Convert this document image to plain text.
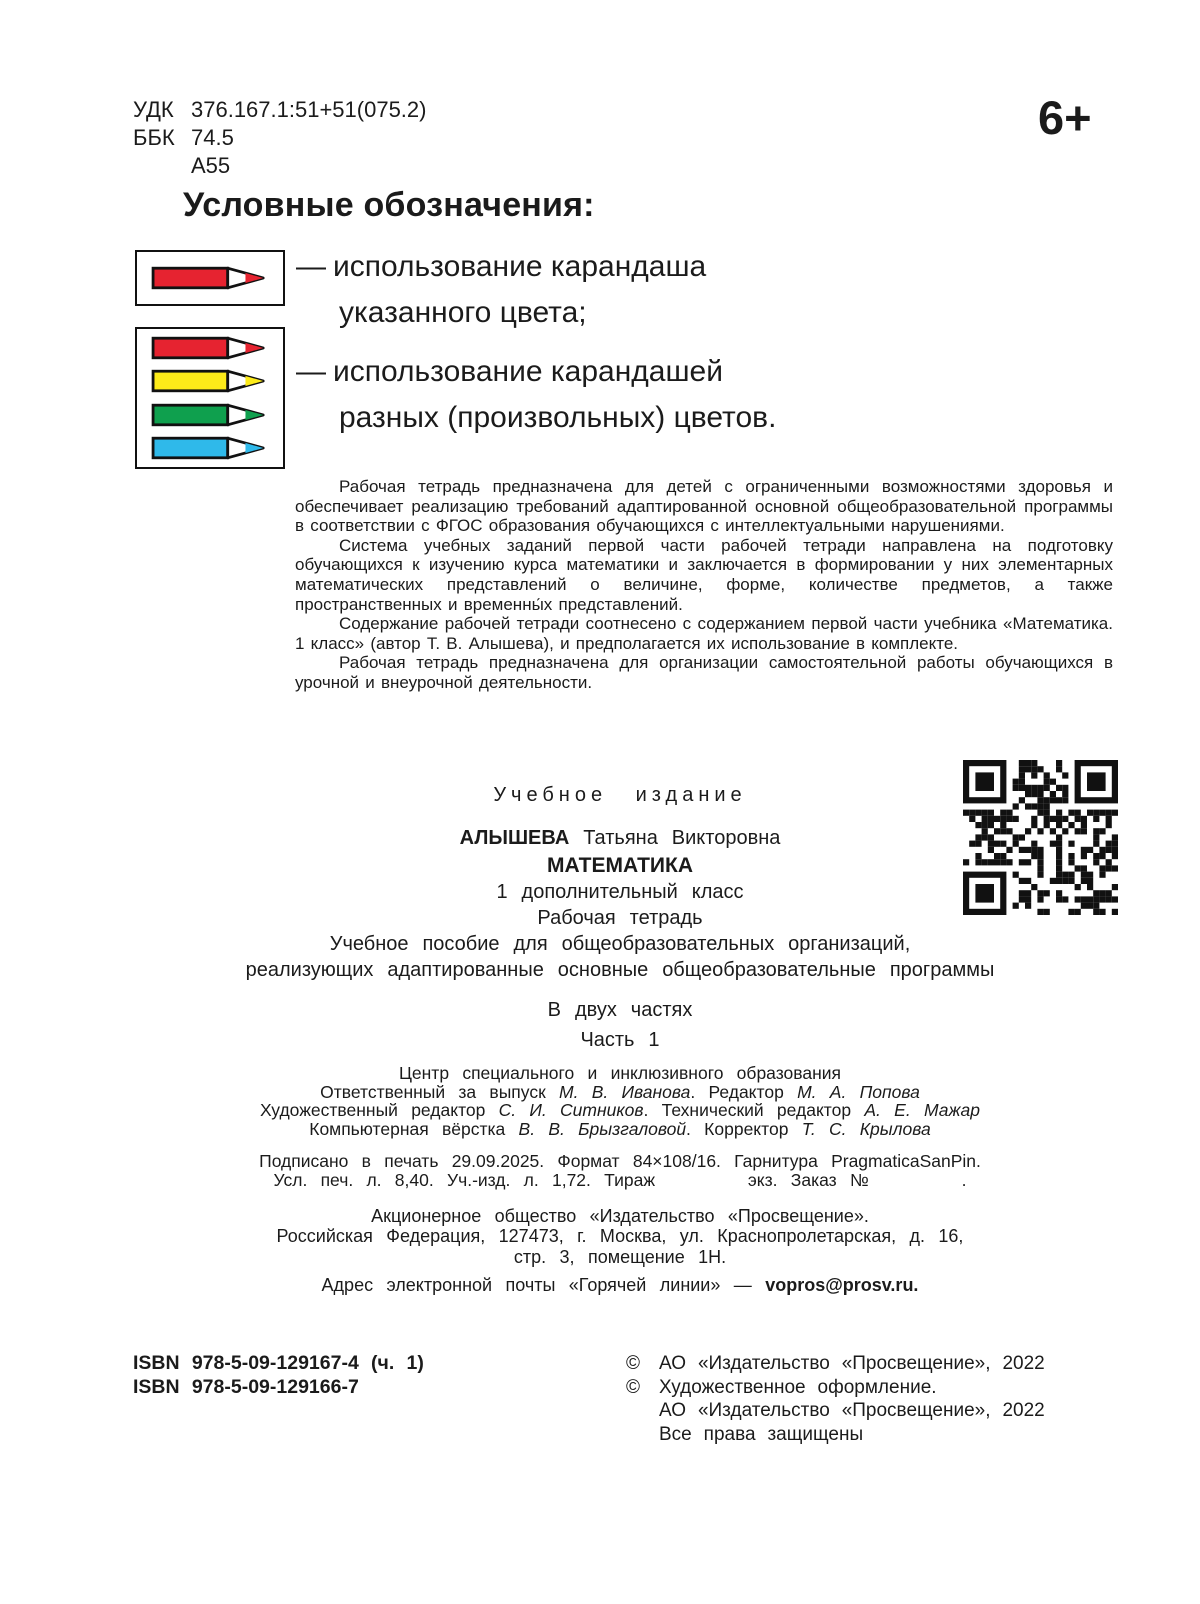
УДК 376.167.1:51+51(075.2)
ББК 74.5
А55
6+
Условные обозначения:
— использование карандаша
указанного цвета;
— использование карандашей
разных (произвольных) цветов.

Рабочая тетрадь предназначена для детей с ограниченными возможностями здоровья и обеспечивает реализацию требований адаптированной основной общеобразовательной программы в соответствии с ФГОС образования обучающихся с интеллектуальными нарушениями.

Система учебных заданий первой части рабочей тетради направлена на подготовку обучающихся к изучению курса математики и заключается в формировании у них элементарных математических представлений о величине, форме, количестве предметов, а также пространственных и временны́х представлений.

Содержание рабочей тетради соотнесено с содержанием первой части учебника «Математика. 1 класс» (автор Т. В. Алышева), и предполагается их использование в комплекте.

Рабочая тетрадь предназначена для организации самостоятельной работы обучающихся в урочной и внеурочной деятельности.

Учебное издание
АЛЫШЕВА Татьяна Викторовна
МАТЕМАТИКА
1 дополнительный класс
Рабочая тетрадь
Учебное пособие для общеобразовательных организаций,
реализующих адаптированные основные общеобразовательные программы
В двух частях
Часть 1
Центр специального и инклюзивного образования
Ответственный за выпуск М. В. Иванова. Редактор М. А. Попова
Художественный редактор С. И. Ситников. Технический редактор А. Е. Мажар
Компьютерная вёрстка В. В. Брызгаловой. Корректор Т. С. Крылова
Подписано в печать 29.09.2025. Формат 84×108/16. Гарнитура PragmaticaSanPin.
Усл. печ. л. 8,40. Уч.-изд. л. 1,72. Тираж       экз. Заказ №       .
Акционерное общество «Издательство «Просвещение».
Российская Федерация, 127473, г. Москва, ул. Краснопролетарская, д. 16,
стр. 3, помещение 1Н.
Адрес электронной почты «Горячей линии» — vopros@prosv.ru.
ISBN 978-5-09-129167-4 (ч. 1)
ISBN 978-5-09-129166-7
©	АО «Издательство «Просвещение», 2022
©	Художественное оформление.
АО «Издательство «Просвещение», 2022
Все права защищены
